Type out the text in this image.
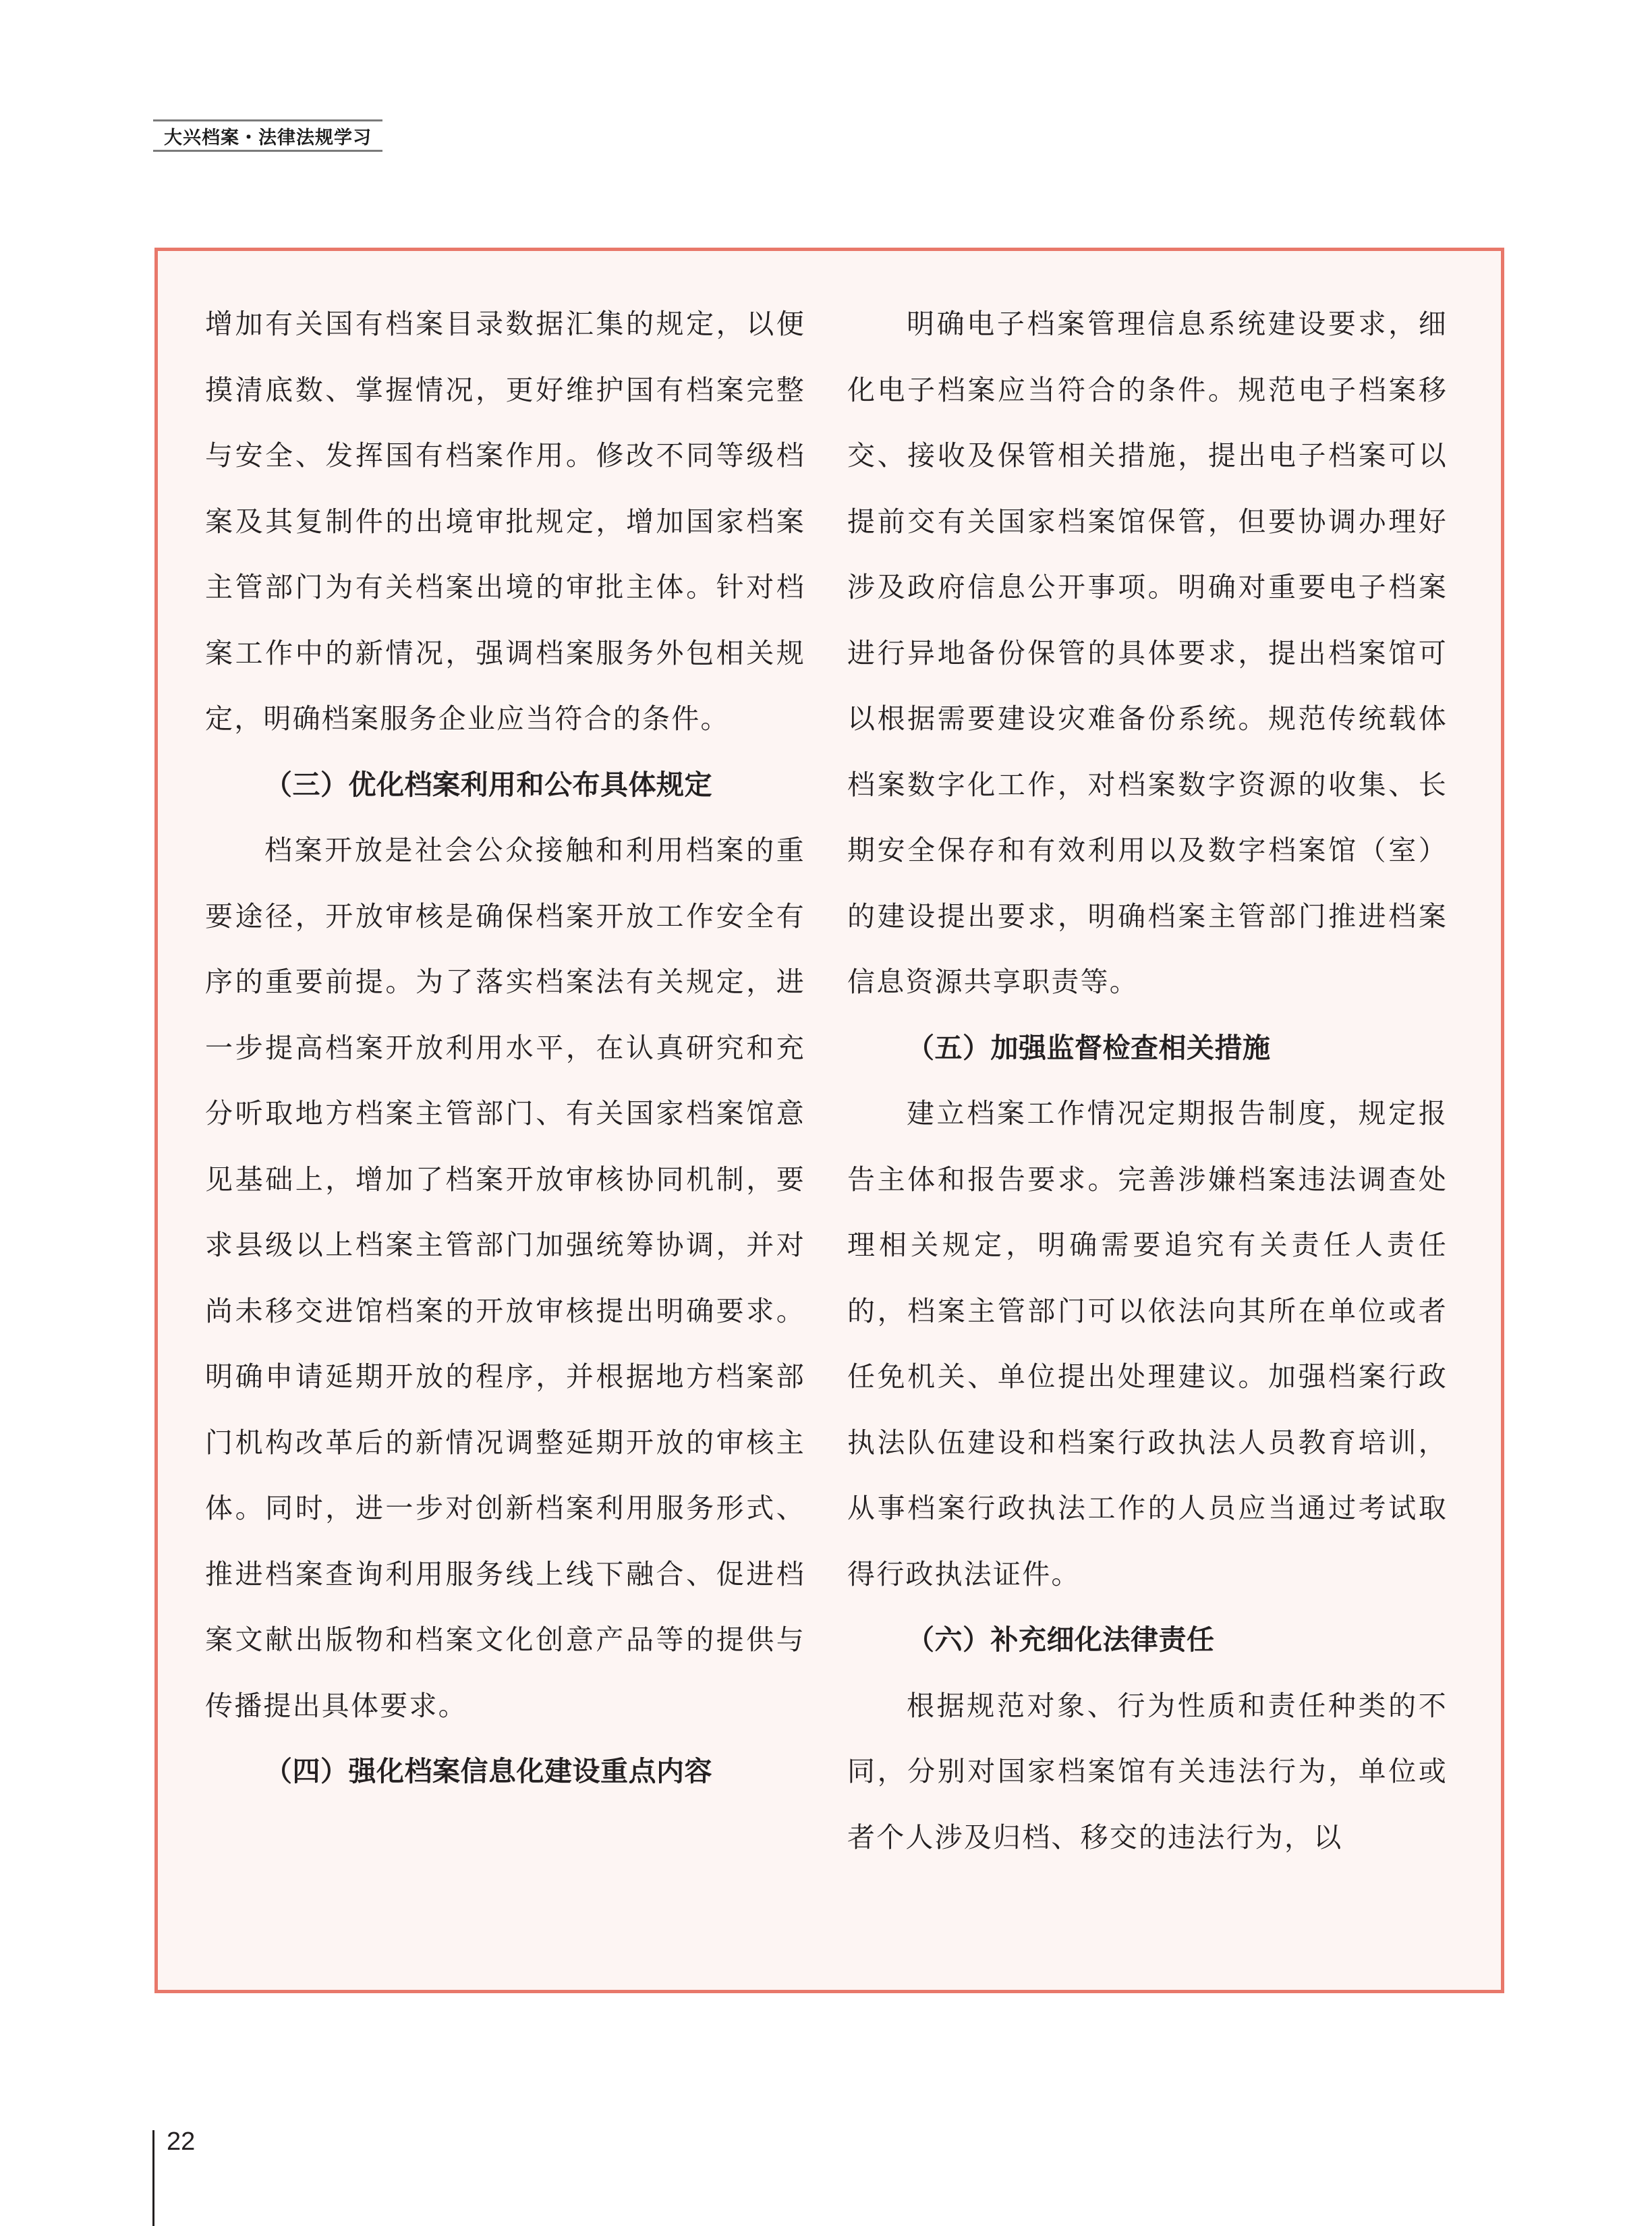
大兴档案・法律法规学习

增加有关国有档案目录数据汇集的规定，以便摸清底数、掌握情况，更好维护国有档案完整与安全、发挥国有档案作用。修改不同等级档案及其复制件的出境审批规定，增加国家档案主管部门为有关档案出境的审批主体。针对档案工作中的新情况，强调档案服务外包相关规定，明确档案服务企业应当符合的条件。

（三）优化档案利用和公布具体规定

档案开放是社会公众接触和利用档案的重要途径，开放审核是确保档案开放工作安全有序的重要前提。为了落实档案法有关规定，进一步提高档案开放利用水平，在认真研究和充分听取地方档案主管部门、有关国家档案馆意见基础上，增加了档案开放审核协同机制，要求县级以上档案主管部门加强统筹协调，并对尚未移交进馆档案的开放审核提出明确要求。明确申请延期开放的程序，并根据地方档案部门机构改革后的新情况调整延期开放的审核主体。同时，进一步对创新档案利用服务形式、推进档案查询利用服务线上线下融合、促进档案文献出版物和档案文化创意产品等的提供与传播提出具体要求。

（四）强化档案信息化建设重点内容

明确电子档案管理信息系统建设要求，细化电子档案应当符合的条件。规范电子档案移交、接收及保管相关措施，提出电子档案可以提前交有关国家档案馆保管，但要协调办理好涉及政府信息公开事项。明确对重要电子档案进行异地备份保管的具体要求，提出档案馆可以根据需要建设灾难备份系统。规范传统载体档案数字化工作，对档案数字资源的收集、长期安全保存和有效利用以及数字档案馆（室）的建设提出要求，明确档案主管部门推进档案信息资源共享职责等。

（五）加强监督检查相关措施

建立档案工作情况定期报告制度，规定报告主体和报告要求。完善涉嫌档案违法调查处理相关规定，明确需要追究有关责任人责任的，档案主管部门可以依法向其所在单位或者任免机关、单位提出处理建议。加强档案行政执法队伍建设和档案行政执法人员教育培训，从事档案行政执法工作的人员应当通过考试取得行政执法证件。

（六）补充细化法律责任

根据规范对象、行为性质和责任种类的不同，分别对国家档案馆有关违法行为，单位或者个人涉及归档、移交的违法行为，以

22
